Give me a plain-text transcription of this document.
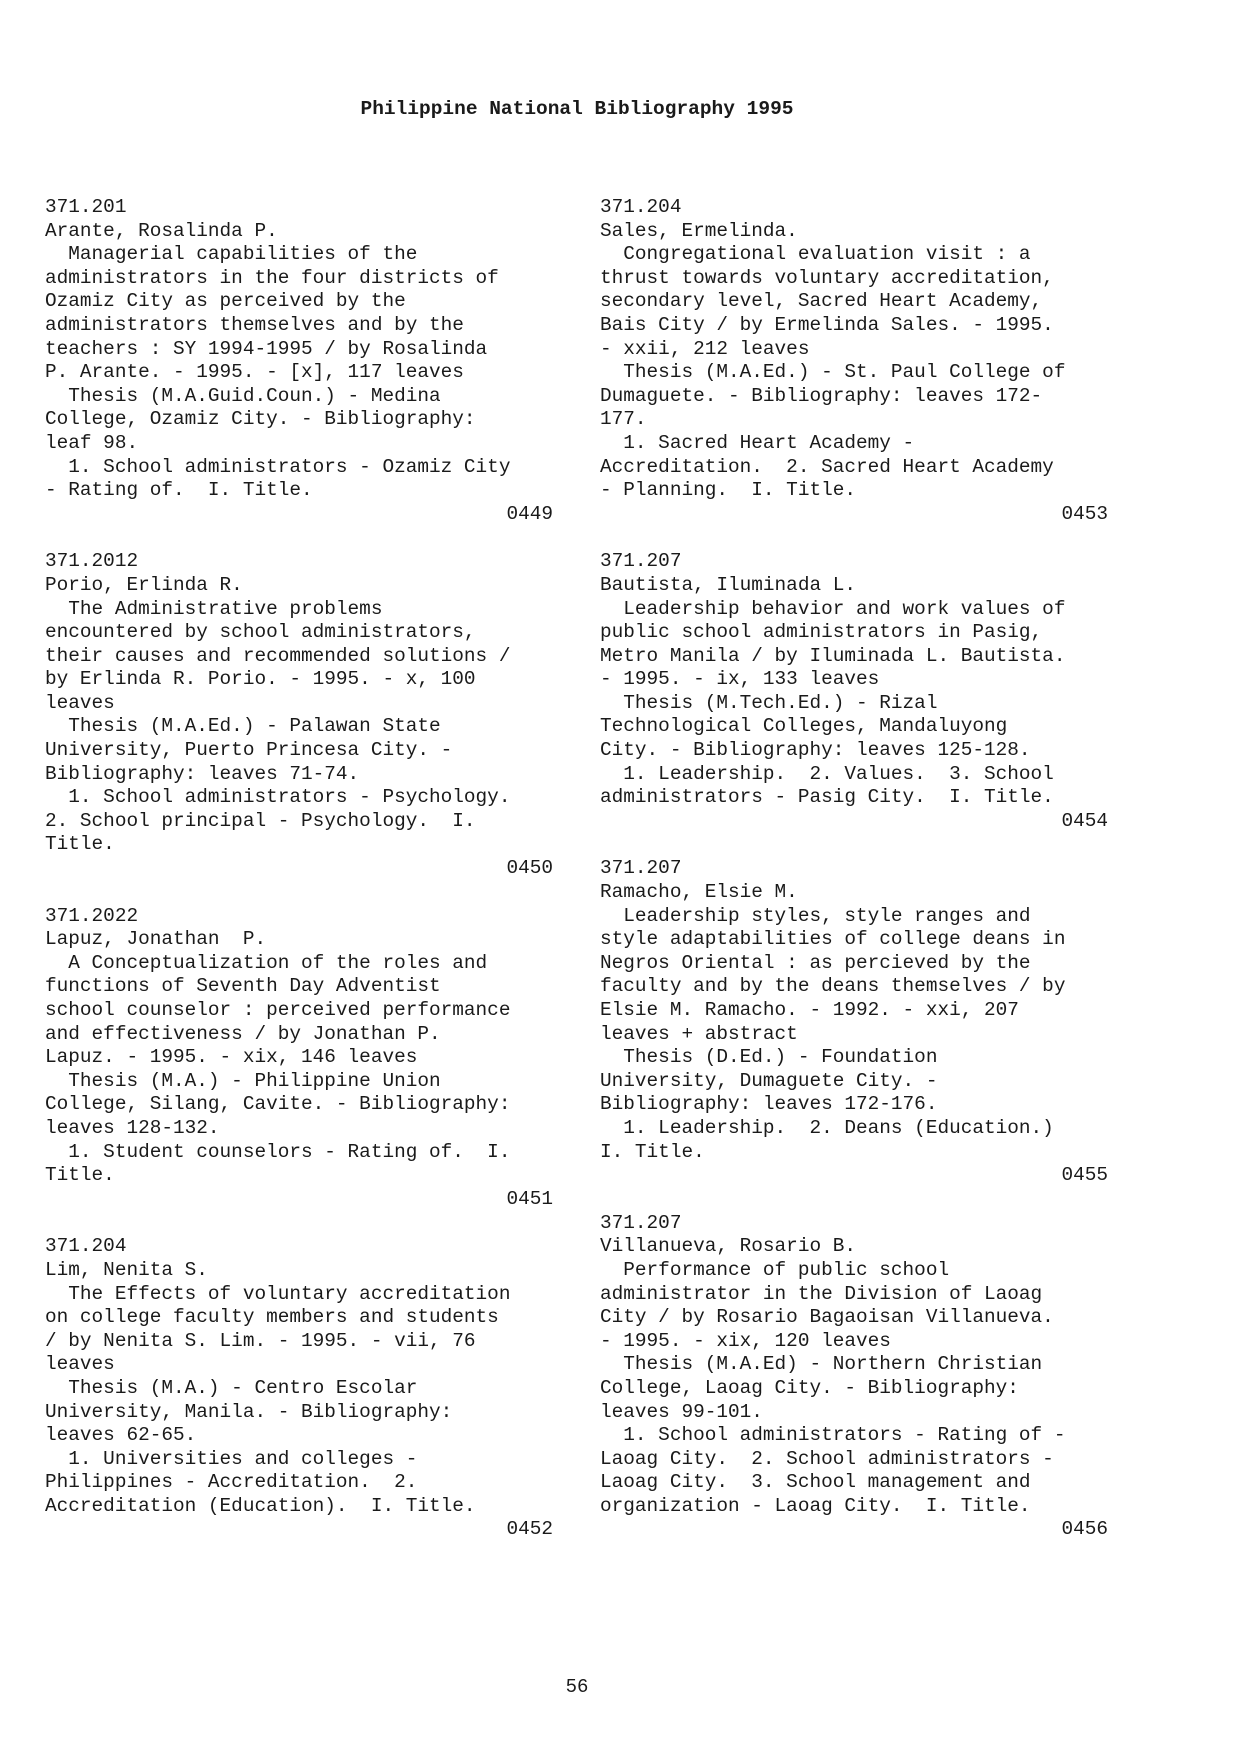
Philippine National Bibliography 1995
371.201
Arante, Rosalinda P.
Managerial capabilities of the
administrators in the four districts of
Ozamiz City as perceived by the
administrators themselves and by the
teachers : SY 1994-1995 / by Rosalinda
P. Arante. - 1995. - [x], 117 leaves
Thesis (M.A.Guid.Coun.) - Medina
College, Ozamiz City. - Bibliography:
leaf 98.
1. School administrators - Ozamiz City
- Rating of.  I. Title.
0449
371.2012
Porio, Erlinda R.
The Administrative problems
encountered by school administrators,
their causes and recommended solutions /
by Erlinda R. Porio. - 1995. - x, 100
leaves
Thesis (M.A.Ed.) - Palawan State
University, Puerto Princesa City. -
Bibliography: leaves 71-74.
1. School administrators - Psychology.
2. School principal - Psychology.  I.
Title.
0450
371.2022
Lapuz, Jonathan  P.
A Conceptualization of the roles and
functions of Seventh Day Adventist
school counselor : perceived performance
and effectiveness / by Jonathan P.
Lapuz. - 1995. - xix, 146 leaves
Thesis (M.A.) - Philippine Union
College, Silang, Cavite. - Bibliography:
leaves 128-132.
1. Student counselors - Rating of.  I.
Title.
0451
371.204
Lim, Nenita S.
The Effects of voluntary accreditation
on college faculty members and students
/ by Nenita S. Lim. - 1995. - vii, 76
leaves
Thesis (M.A.) - Centro Escolar
University, Manila. - Bibliography:
leaves 62-65.
1. Universities and colleges -
Philippines - Accreditation.  2.
Accreditation (Education).  I. Title.
0452
371.204
Sales, Ermelinda.
Congregational evaluation visit : a
thrust towards voluntary accreditation,
secondary level, Sacred Heart Academy,
Bais City / by Ermelinda Sales. - 1995.
- xxii, 212 leaves
Thesis (M.A.Ed.) - St. Paul College of
Dumaguete. - Bibliography: leaves 172-
177.
1. Sacred Heart Academy -
Accreditation.  2. Sacred Heart Academy
- Planning.  I. Title.
0453
371.207
Bautista, Iluminada L.
Leadership behavior and work values of
public school administrators in Pasig,
Metro Manila / by Iluminada L. Bautista.
- 1995. - ix, 133 leaves
Thesis (M.Tech.Ed.) - Rizal
Technological Colleges, Mandaluyong
City. - Bibliography: leaves 125-128.
1. Leadership.  2. Values.  3. School
administrators - Pasig City.  I. Title.
0454
371.207
Ramacho, Elsie M.
Leadership styles, style ranges and
style adaptabilities of college deans in
Negros Oriental : as percieved by the
faculty and by the deans themselves / by
Elsie M. Ramacho. - 1992. - xxi, 207
leaves + abstract
Thesis (D.Ed.) - Foundation
University, Dumaguete City. -
Bibliography: leaves 172-176.
1. Leadership.  2. Deans (Education.)
I. Title.
0455
371.207
Villanueva, Rosario B.
Performance of public school
administrator in the Division of Laoag
City / by Rosario Bagaoisan Villanueva.
- 1995. - xix, 120 leaves
Thesis (M.A.Ed) - Northern Christian
College, Laoag City. - Bibliography:
leaves 99-101.
1. School administrators - Rating of -
Laoag City.  2. School administrators -
Laoag City.  3. School management and
organization - Laoag City.  I. Title.
0456
56
